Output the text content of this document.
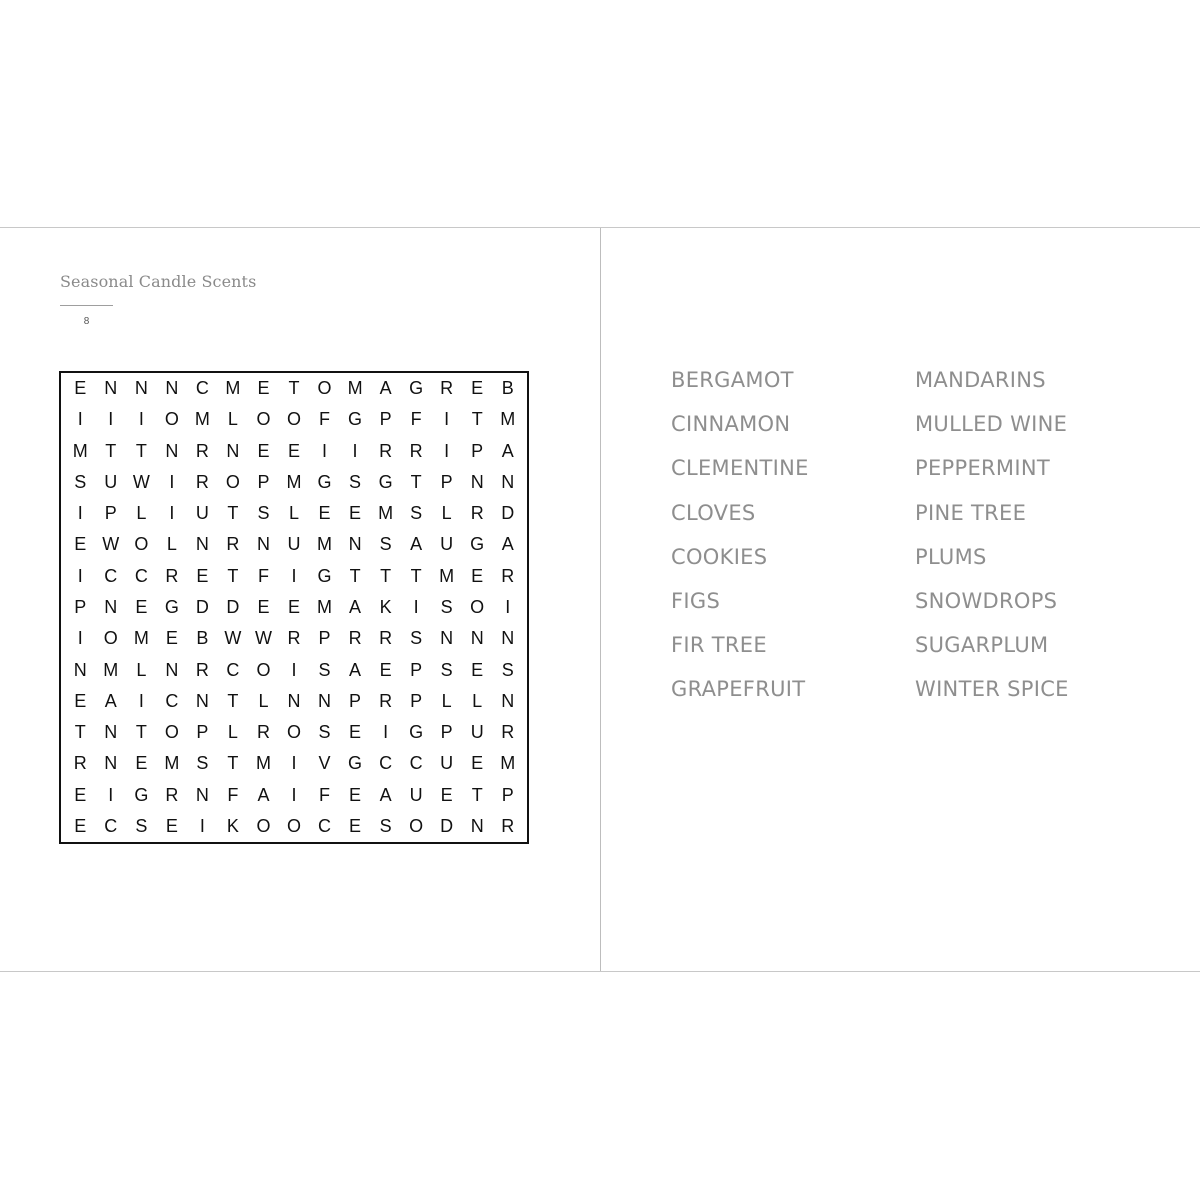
Seasonal Candle Scents
8
E	N N N C M E	T	O M A G R	E	B
I	I	I	O M	L	O O	F	G P	F	I	T M
M T	T	N R N	E	E	I	I	R R	I	P	A
S	U W	I	R O P M G S G	T	P	N N
I	P	L	I	U	T	S	L	E	E M S	L	R D
E W O	L	N R N U M N	S	A	U G A
I	C C R	E	T	F	I	G	T	T	T M E	R
P	N	E G D D	E	E M A	K	I	S O	I
I	O M E	B W W R	P	R R	S	N N N
N M	L	N R C O	I	S	A	E	P	S	E	S
E	A	I	C N	T	L	N N	P	R	P	L	L	N
T	N	T	O P	L	R O S	E	I	G P	U R
R N	E M S	T M	I	V G C C U	E M
E	I	G R N	F	A	I	F	E	A	U	E	T	P
E	C	S	E	I	K O O C	E	S O D N R
BERGAMOT
CINNAMON
CLEMENTINE
CLOVES
COOKIES
FIGS
FIR TREE
GRAPEFRUIT
MANDARINS
MULLED WINE
PEPPERMINT
PINE TREE
PLUMS
SNOWDROPS
SUGARPLUM
WINTER SPICE
